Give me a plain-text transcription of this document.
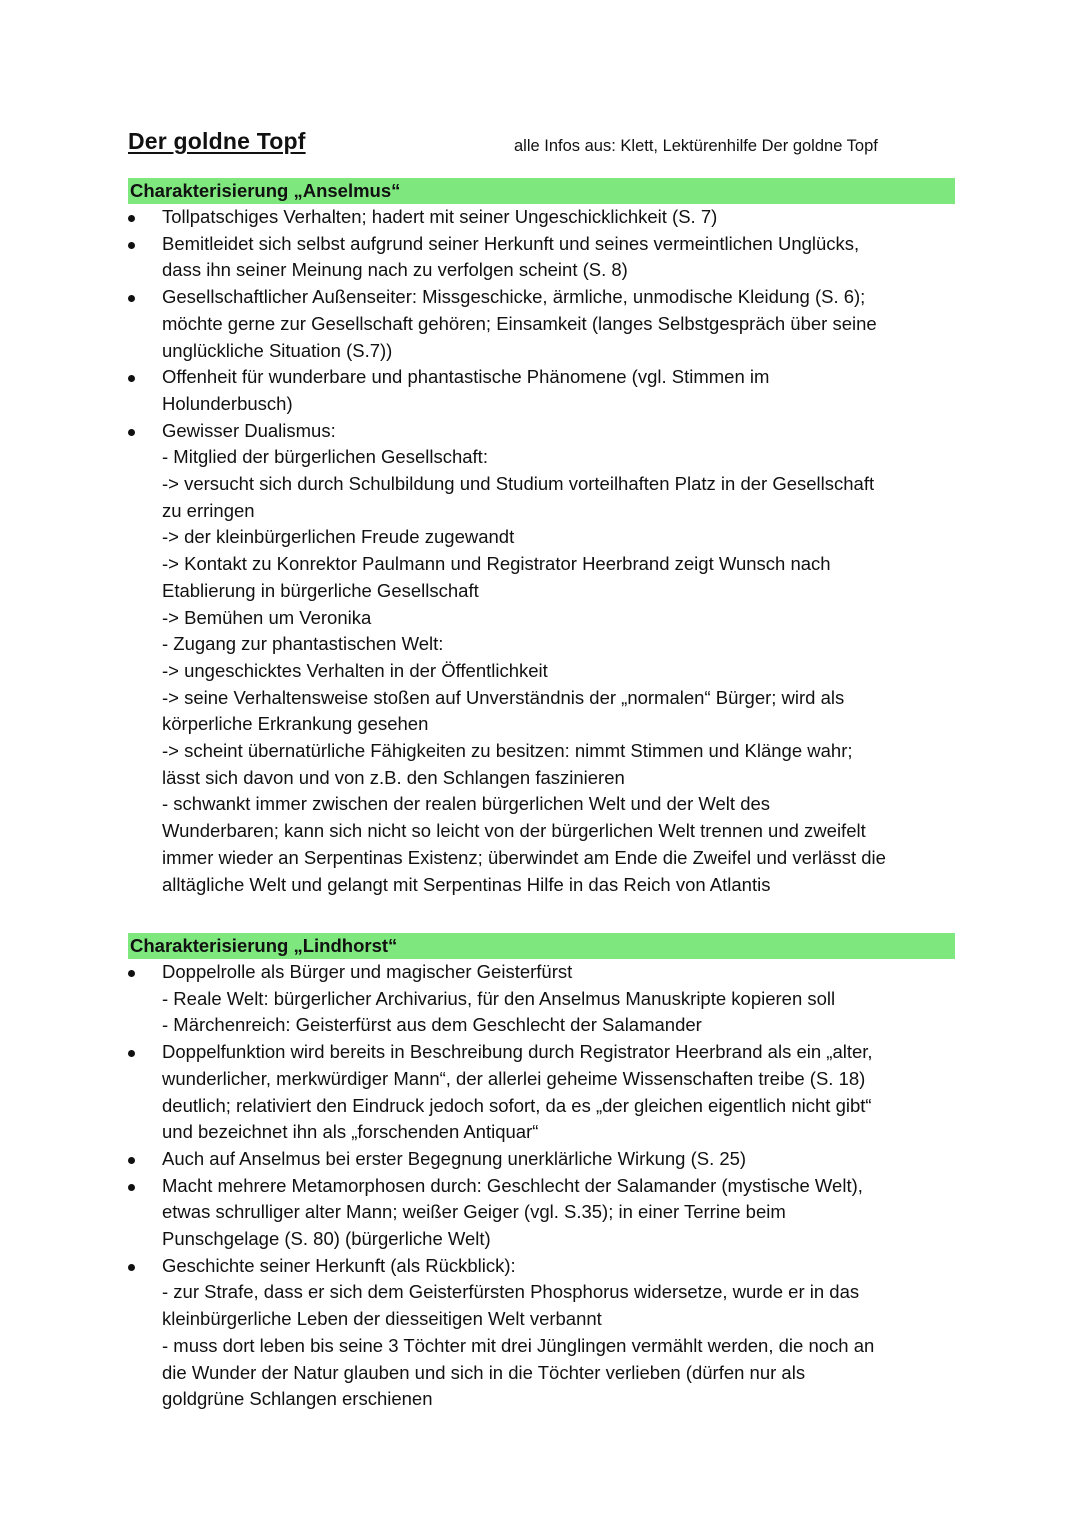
Der goldne Topf	alle Infos aus: Klett, Lektürenhilfe Der goldne Topf
Charakterisierung „Anselmus“
Tollpatschiges Verhalten; hadert mit seiner Ungeschicklichkeit (S. 7)
Bemitleidet sich selbst aufgrund seiner Herkunft und seines vermeintlichen Unglücks,
dass ihn seiner Meinung nach zu verfolgen scheint (S. 8)
Gesellschaftlicher Außenseiter: Missgeschicke, ärmliche, unmodische Kleidung (S. 6);
möchte gerne zur Gesellschaft gehören; Einsamkeit (langes Selbstgespräch über seine
unglückliche Situation (S.7))
Offenheit für wunderbare und phantastische Phänomene (vgl. Stimmen im
Holunderbusch)
Gewisser Dualismus:
- Mitglied der bürgerlichen Gesellschaft:
-> versucht sich durch Schulbildung und Studium vorteilhaften Platz in der Gesellschaft
zu erringen
-> der kleinbürgerlichen Freude zugewandt
-> Kontakt zu Konrektor Paulmann und Registrator Heerbrand zeigt Wunsch nach
Etablierung in bürgerliche Gesellschaft
-> Bemühen um Veronika
- Zugang zur phantastischen Welt:
-> ungeschicktes Verhalten in der Öffentlichkeit
-> seine Verhaltensweise stoßen auf Unverständnis der „normalen“ Bürger; wird als
körperliche Erkrankung gesehen
-> scheint übernatürliche Fähigkeiten zu besitzen: nimmt Stimmen und Klänge wahr;
lässt sich davon und von z.B. den Schlangen faszinieren
- schwankt immer zwischen der realen bürgerlichen Welt und der Welt des
Wunderbaren; kann sich nicht so leicht von der bürgerlichen Welt trennen und zweifelt
immer wieder an Serpentinas Existenz; überwindet am Ende die Zweifel und verlässt die
alltägliche Welt und gelangt mit Serpentinas Hilfe in das Reich von Atlantis
Charakterisierung „Lindhorst“
Doppelrolle als Bürger und magischer Geisterfürst
- Reale Welt: bürgerlicher Archivarius, für den Anselmus Manuskripte kopieren soll
- Märchenreich: Geisterfürst aus dem Geschlecht der Salamander
Doppelfunktion wird bereits in Beschreibung durch Registrator Heerbrand als ein „alter,
wunderlicher, merkwürdiger Mann“, der allerlei geheime Wissenschaften treibe (S. 18)
deutlich; relativiert den Eindruck jedoch sofort, da es „der gleichen eigentlich nicht gibt“
und bezeichnet ihn als „forschenden Antiquar“
Auch auf Anselmus bei erster Begegnung unerklärliche Wirkung (S. 25)
Macht mehrere Metamorphosen durch: Geschlecht der Salamander (mystische Welt),
etwas schrulliger alter Mann; weißer Geiger (vgl. S.35); in einer Terrine beim
Punschgelage (S. 80) (bürgerliche Welt)
Geschichte seiner Herkunft (als Rückblick):
- zur Strafe, dass er sich dem Geisterfürsten Phosphorus widersetze, wurde er in das
kleinbürgerliche Leben der diesseitigen Welt verbannt
- muss dort leben bis seine 3 Töchter mit drei Jünglingen vermählt werden, die noch an
die Wunder der Natur glauben und sich in die Töchter verlieben (dürfen nur als
goldgrüne Schlangen erschienen
